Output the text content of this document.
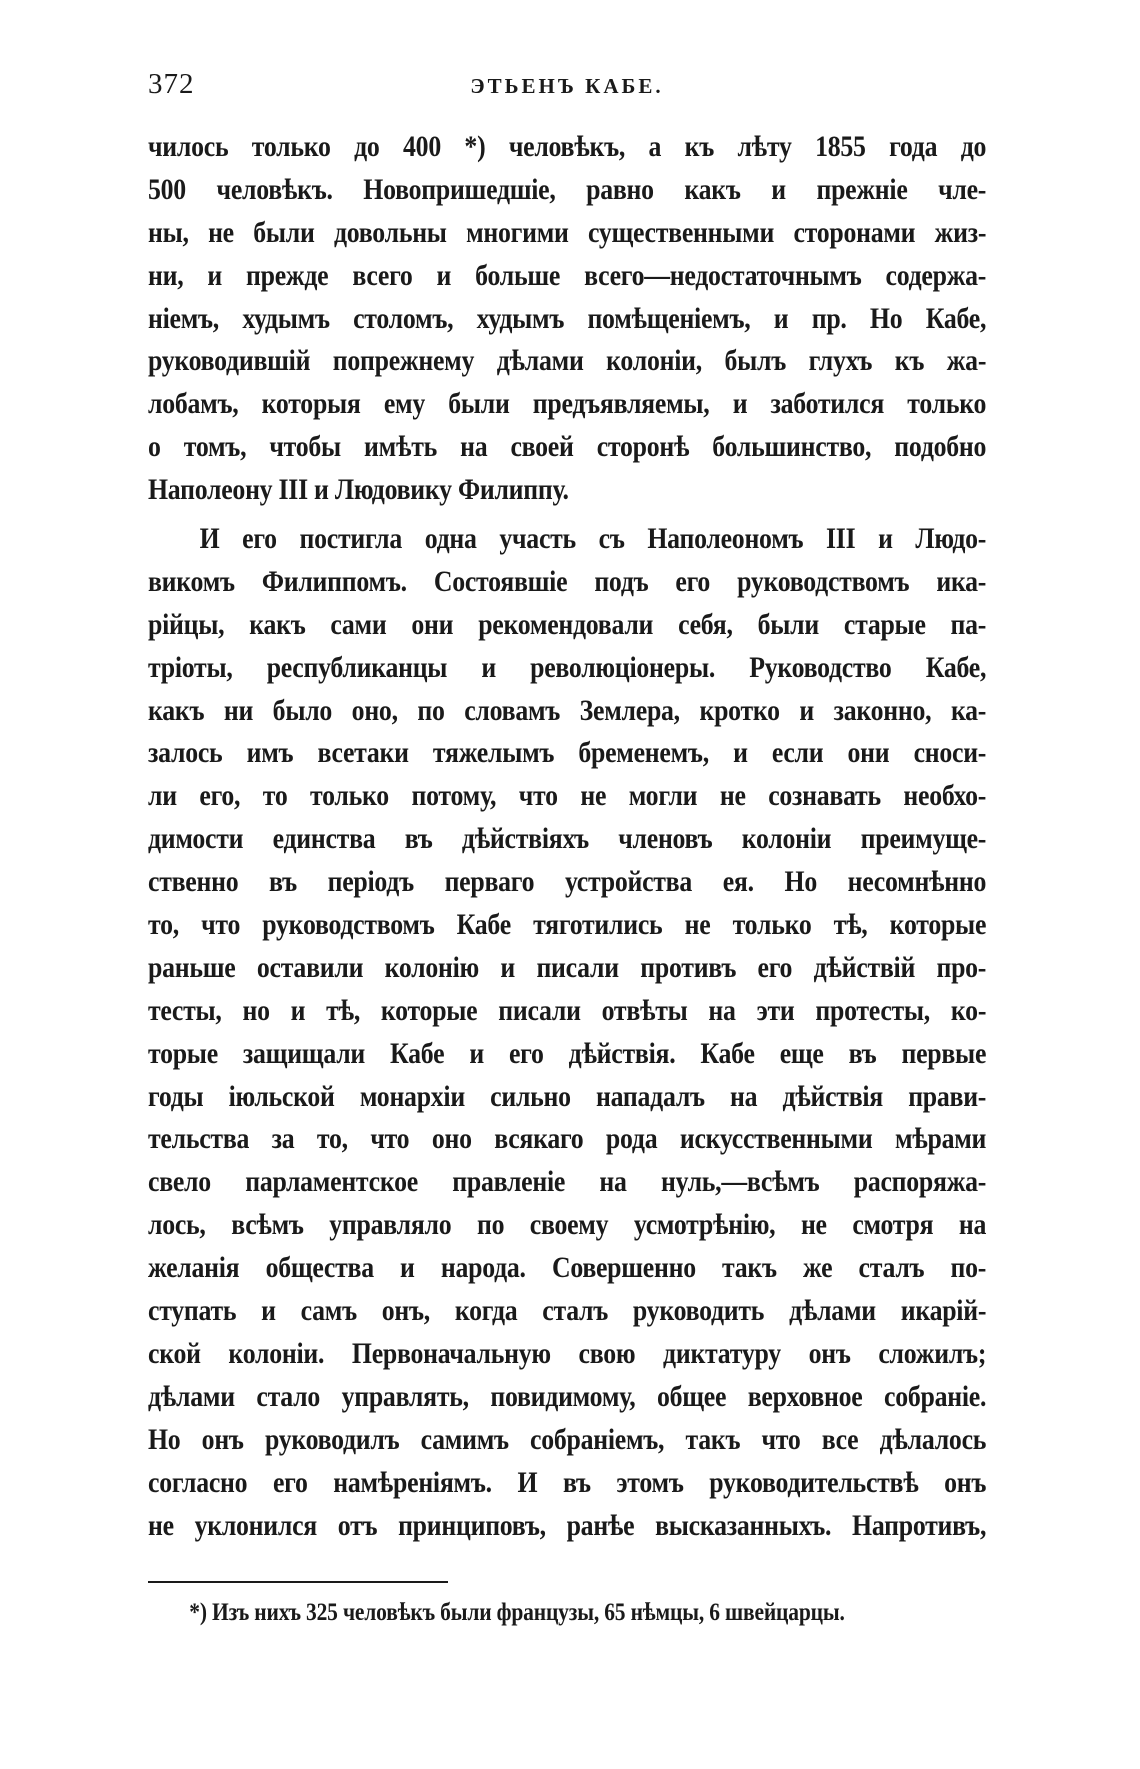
372	ЭТЬЕНЪ КАБЕ.
чилось только до 400 *) человѣкъ, а къ лѣту 1855 года до
500 человѣкъ. Новопришедшіе, равно какъ и прежніе чле-
ны, не были довольны многими существенными сторонами жиз-
ни, и прежде всего и больше всего—недостаточнымъ содержа-
ніемъ, худымъ столомъ, худымъ помѣщеніемъ, и пр. Но Кабе,
руководившій попрежнему дѣлами колоніи, былъ глухъ къ жа-
лобамъ, которыя ему были предъявляемы, и заботился только
о томъ, чтобы имѣть на своей сторонѣ большинство, подобно
Наполеону III и Людовику Филиппу.
И его постигла одна участь съ Наполеономъ III и Людо-
викомъ Филиппомъ. Состоявшіе подъ его руководствомъ ика-
рійцы, какъ сами они рекомендовали себя, были старые па-
тріоты, республиканцы и революціонеры. Руководство Кабе,
какъ ни было оно, по словамъ Землера, кротко и законно, ка-
залось имъ всетаки тяжелымъ бременемъ, и если они сноси-
ли его, то только потому, что не могли не сознавать необхо-
димости единства въ дѣйствіяхъ членовъ колоніи преимуще-
ственно въ періодъ перваго устройства ея. Но несомнѣнно
то, что руководствомъ Кабе тяготились не только тѣ, которые
раньше оставили колонію и писали противъ его дѣйствій про-
тесты, но и тѣ, которые писали отвѣты на эти протесты, ко-
торые защищали Кабе и его дѣйствія. Кабе еще въ первые
годы іюльской монархіи сильно нападалъ на дѣйствія прави-
тельства за то, что оно всякаго рода искусственными мѣрами
свело парламентское правленіе на нуль,—всѣмъ распоряжа-
лось, всѣмъ управляло по своему усмотрѣнію, не смотря на
желанія общества и народа. Совершенно такъ же сталъ по-
ступать и самъ онъ, когда сталъ руководить дѣлами икарій-
ской колоніи. Первоначальную свою диктатуру онъ сложилъ;
дѣлами стало управлять, повидимому, общее верховное собраніе.
Но онъ руководилъ самимъ собраніемъ, такъ что все дѣлалось
согласно его намѣреніямъ. И въ этомъ руководительствѣ онъ
не уклонился отъ принциповъ, ранѣе высказанныхъ. Напротивъ,
*) Изъ нихъ 325 человѣкъ были французы, 65 нѣмцы, 6 швейцарцы.
